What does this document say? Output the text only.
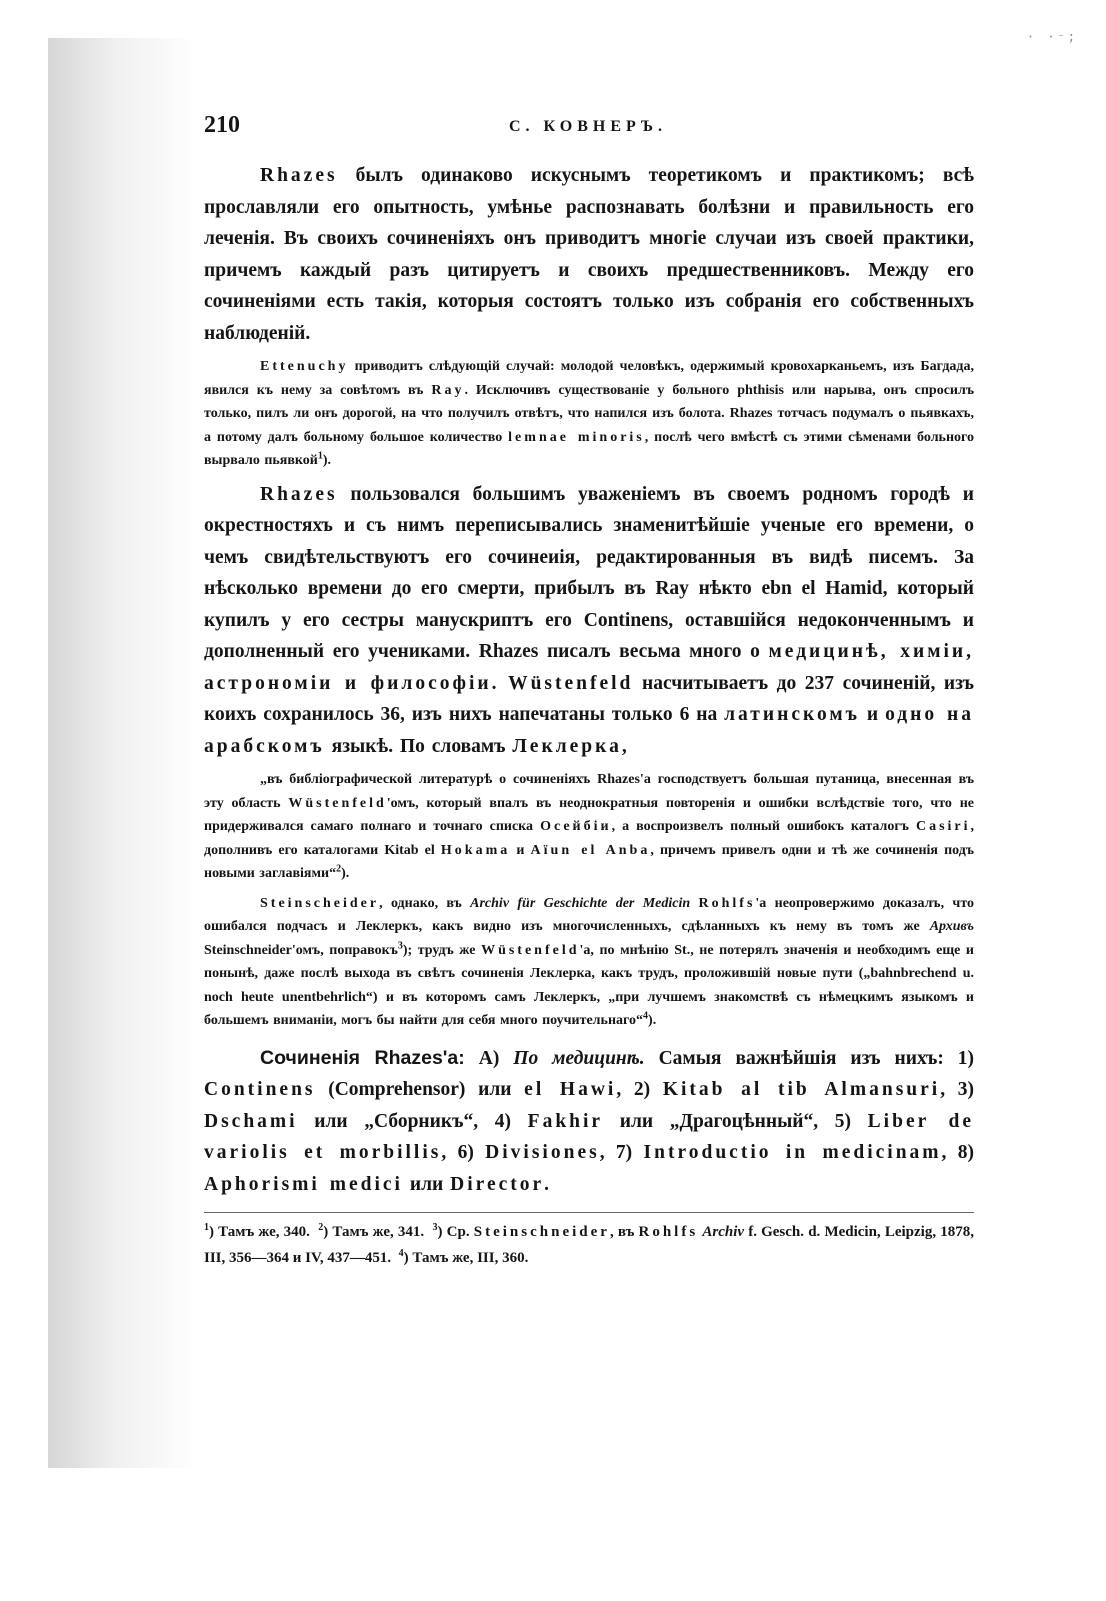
· ·⁻;
210	С. КОВНЕРЪ.

Rhazes былъ одинаково искуснымъ теоретикомъ и практикомъ; всѣ прославляли его опытность, умѣнье распознавать болѣзни и правильность его леченія. Въ своихъ сочиненіяхъ онъ приводитъ многіе случаи изъ своей практики, причемъ каждый разъ цитируетъ и своихъ предшественниковъ. Между его сочиненіями есть такія, которыя состоятъ только изъ собранія его собственныхъ наблюденій.

Ettenuchy приводитъ слѣдующій случай: молодой человѣкъ, одержимый кровохарканьемъ, изъ Багдада, явился къ нему за совѣтомъ въ Ray. Исключивъ существованіе у больного phthisis или нарыва, онъ спросилъ только, пилъ ли онъ дорогой, на что получилъ отвѣтъ, что напился изъ болота. Rhazes тотчасъ подумалъ о пьявкахъ, а потому далъ больному большое количество lemnae minoris, послѣ чего вмѣстѣ съ этими сѣменами больного вырвало пьявкой$^1$).

Rhazes пользовался большимъ уваженіемъ въ своемъ родномъ городѣ и окрестностяхъ и съ нимъ переписывались знаменитѣйшіе ученые его времени, о чемъ свидѣтельствуютъ его сочинеиія, редактированныя въ видѣ писемъ. За нѣсколько времени до его смерти, прибылъ въ Ray нѣкто ebn el Hamid, который купилъ у его сестры манускриптъ его Continens, оставшійся недоконченнымъ и дополненный его учениками. Rhazes писалъ весьма много о медицинѣ, химіи, астрономіи и философіи. Wüstenfeld насчитываетъ до 237 сочиненій, изъ коихъ сохранилось 36, изъ нихъ напечатаны только 6 на латинскомъ и одно на арабскомъ языкѣ. По словамъ Леклерка,

„въ библіографической литературѣ о сочиненіяхъ Rhazes'а господствуетъ большая путаница, внесенная въ эту область Wüstenfeld'омъ, который впалъ въ неоднократныя повторенія и ошибки вслѣдствіе того, что не придерживался самаго полнаго и точнаго списка Осейбіи, а воспроизвелъ полный ошибокъ каталогъ Casiri, дополнивъ его каталогами Kitab el Hokama и Aïun el Anba, причемъ привелъ одни и тѣ же сочиненія подъ новыми заглавіями“$^2$).

Steinscheider, однако, въ Archiv für Geschichte der Medicin Rohlfs'а неопровержимо доказалъ, что ошибался подчасъ и Леклеркъ, какъ видно изъ многочисленныхъ, сдѣланныхъ къ нему въ томъ же Архивъ Steinschneider'омъ, поправокъ$^3$); трудъ же Wüstenfeld'а, по мнѣнію St., не потерялъ значенія и необходимъ еще и понынѣ, даже послѣ выхода въ свѣтъ сочиненія Леклерка, какъ трудъ, проложившій новые пути („bahnbrechend u. noch heute unentbehrlich“) и въ которомъ самъ Леклеркъ, „при лучшемъ знакомствѣ съ нѣмецкимъ языкомъ и большемъ вниманіи, могъ бы найти для себя много поучительнаго“$^4$).

Сочиненія Rhazes'а: A) По медицинѣ. Самыя важнѣйшія изъ нихъ: 1) Continens (Comprehensor) или el Hawi, 2) Kitab al tib Almansuri, 3) Dschami или „Сборникъ“, 4) Fakhir или „Драгоцѣнный“, 5) Liber de variolis et morbillis, 6) Divisiones, 7) Introductio in medicinam, 8) Aphorismi medici или Director.

$^1$) Тамъ же, 340. $^2$) Тамъ же, 341. $^3$) Ср. Steinschneider, въ Rohlfs Archiv f. Gesch. d. Medicin, Leipzig, 1878, III, 356—364 и IV, 437—451. $^4$) Тамъ же, III, 360.
